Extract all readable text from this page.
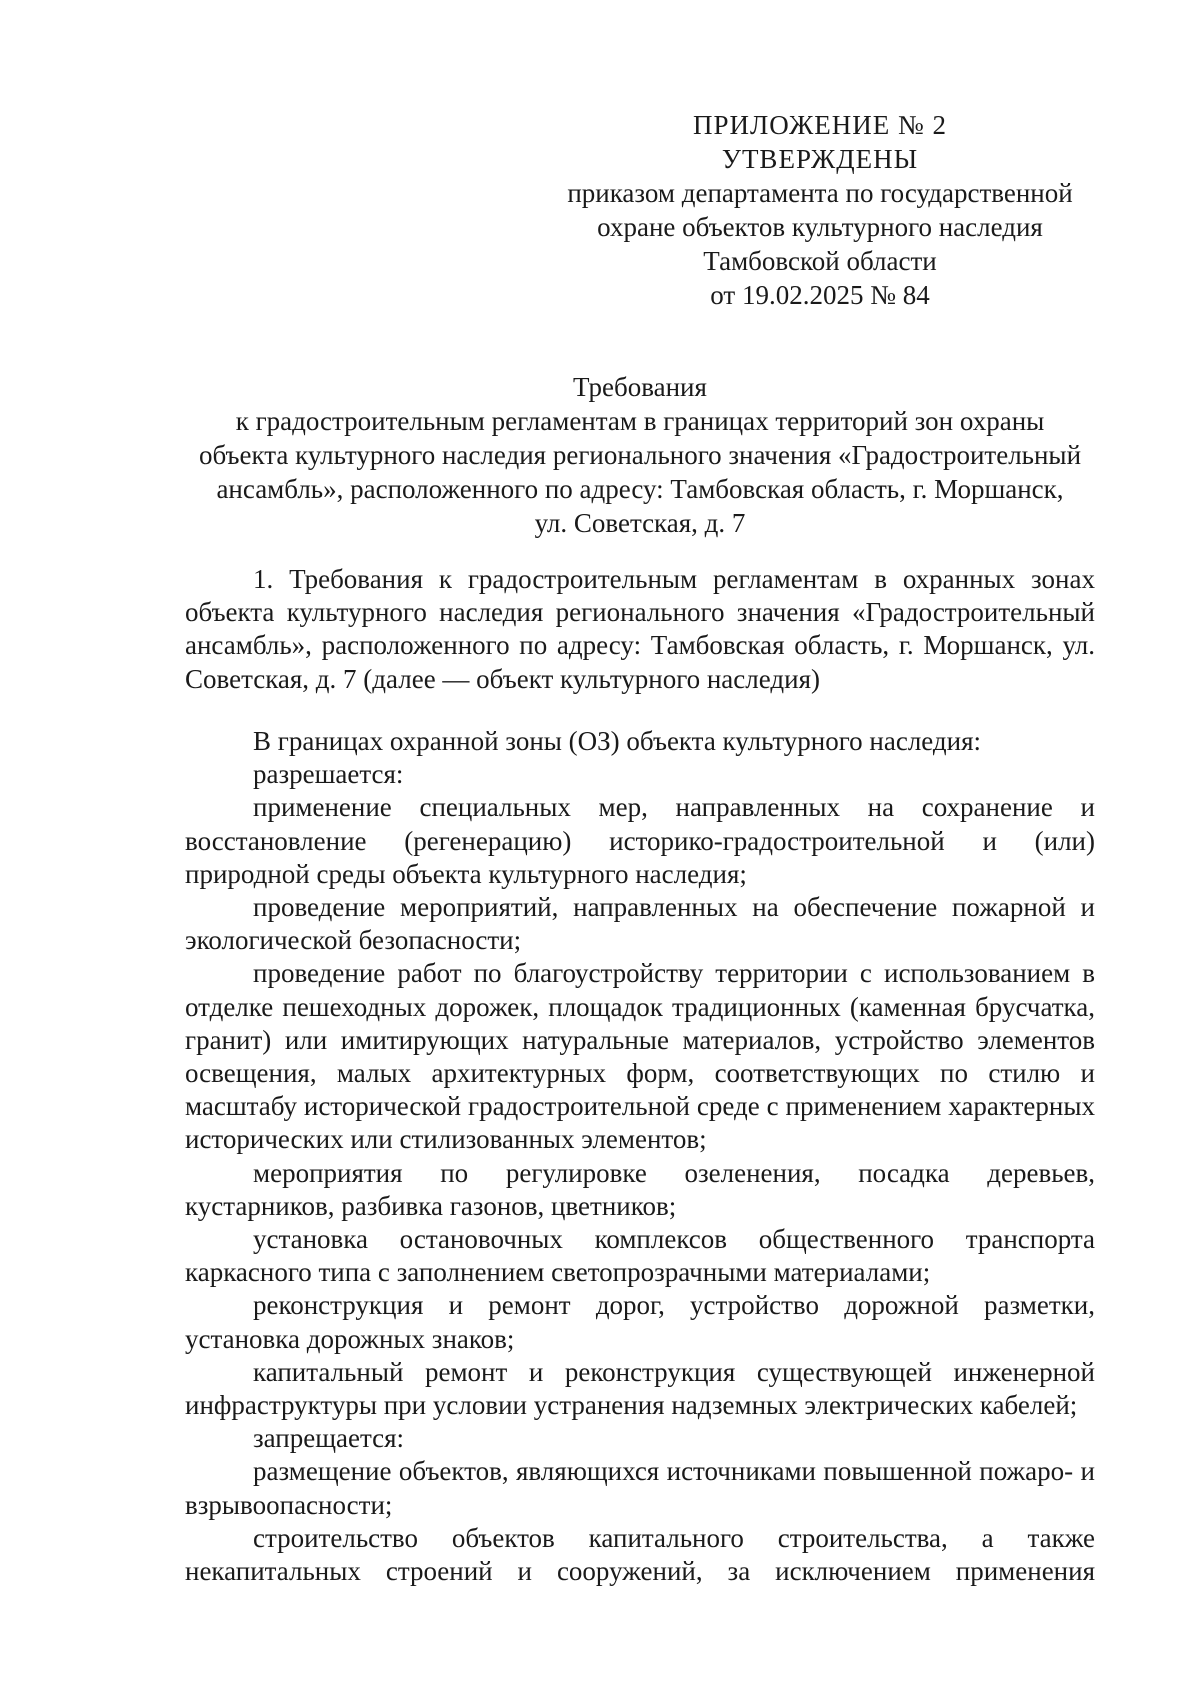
ПРИЛОЖЕНИЕ № 2
УТВЕРЖДЕНЫ
приказом департамента по государственной
охране объектов культурного наследия
Тамбовской области
от 19.02.2025 № 84
Требования
к градостроительным регламентам в границах территорий зон охраны
объекта культурного наследия регионального значения «Градостроительный
ансамбль», расположенного по адресу: Тамбовская область, г. Моршанск,
ул. Советская, д. 7

1. Требования к градостроительным регламентам в охранных зонах объекта культурного наследия регионального значения «Градостроительный ансамбль», расположенного по адресу: Тамбовская область, г. Моршанск, ул. Советская, д. 7 (далее — объект культурного наследия)

В границах охранной зоны (ОЗ) объекта культурного наследия:

разрешается:

применение специальных мер, направленных на сохранение и восстановление (регенерацию) историко-градостроительной и (или) природной среды объекта культурного наследия;

проведение мероприятий, направленных на обеспечение пожарной и экологической безопасности;

проведение работ по благоустройству территории с использованием в отделке пешеходных дорожек, площадок традиционных (каменная брусчатка, гранит) или имитирующих натуральные материалов, устройство элементов освещения, малых архитектурных форм, соответствующих по стилю и масштабу исторической градостроительной среде с применением характерных исторических или стилизованных элементов;

мероприятия по регулировке озеленения, посадка деревьев, кустарников, разбивка газонов, цветников;

установка остановочных комплексов общественного транспорта каркасного типа с заполнением светопрозрачными материалами;

реконструкция и ремонт дорог, устройство дорожной разметки, установка дорожных знаков;

капитальный ремонт и реконструкция существующей инженерной инфраструктуры при условии устранения надземных электрических кабелей;

запрещается:

размещение объектов, являющихся источниками повышенной пожаро- и взрывоопасности;

строительство объектов капитального строительства, а также некапитальных строений и сооружений, за исключением применения
